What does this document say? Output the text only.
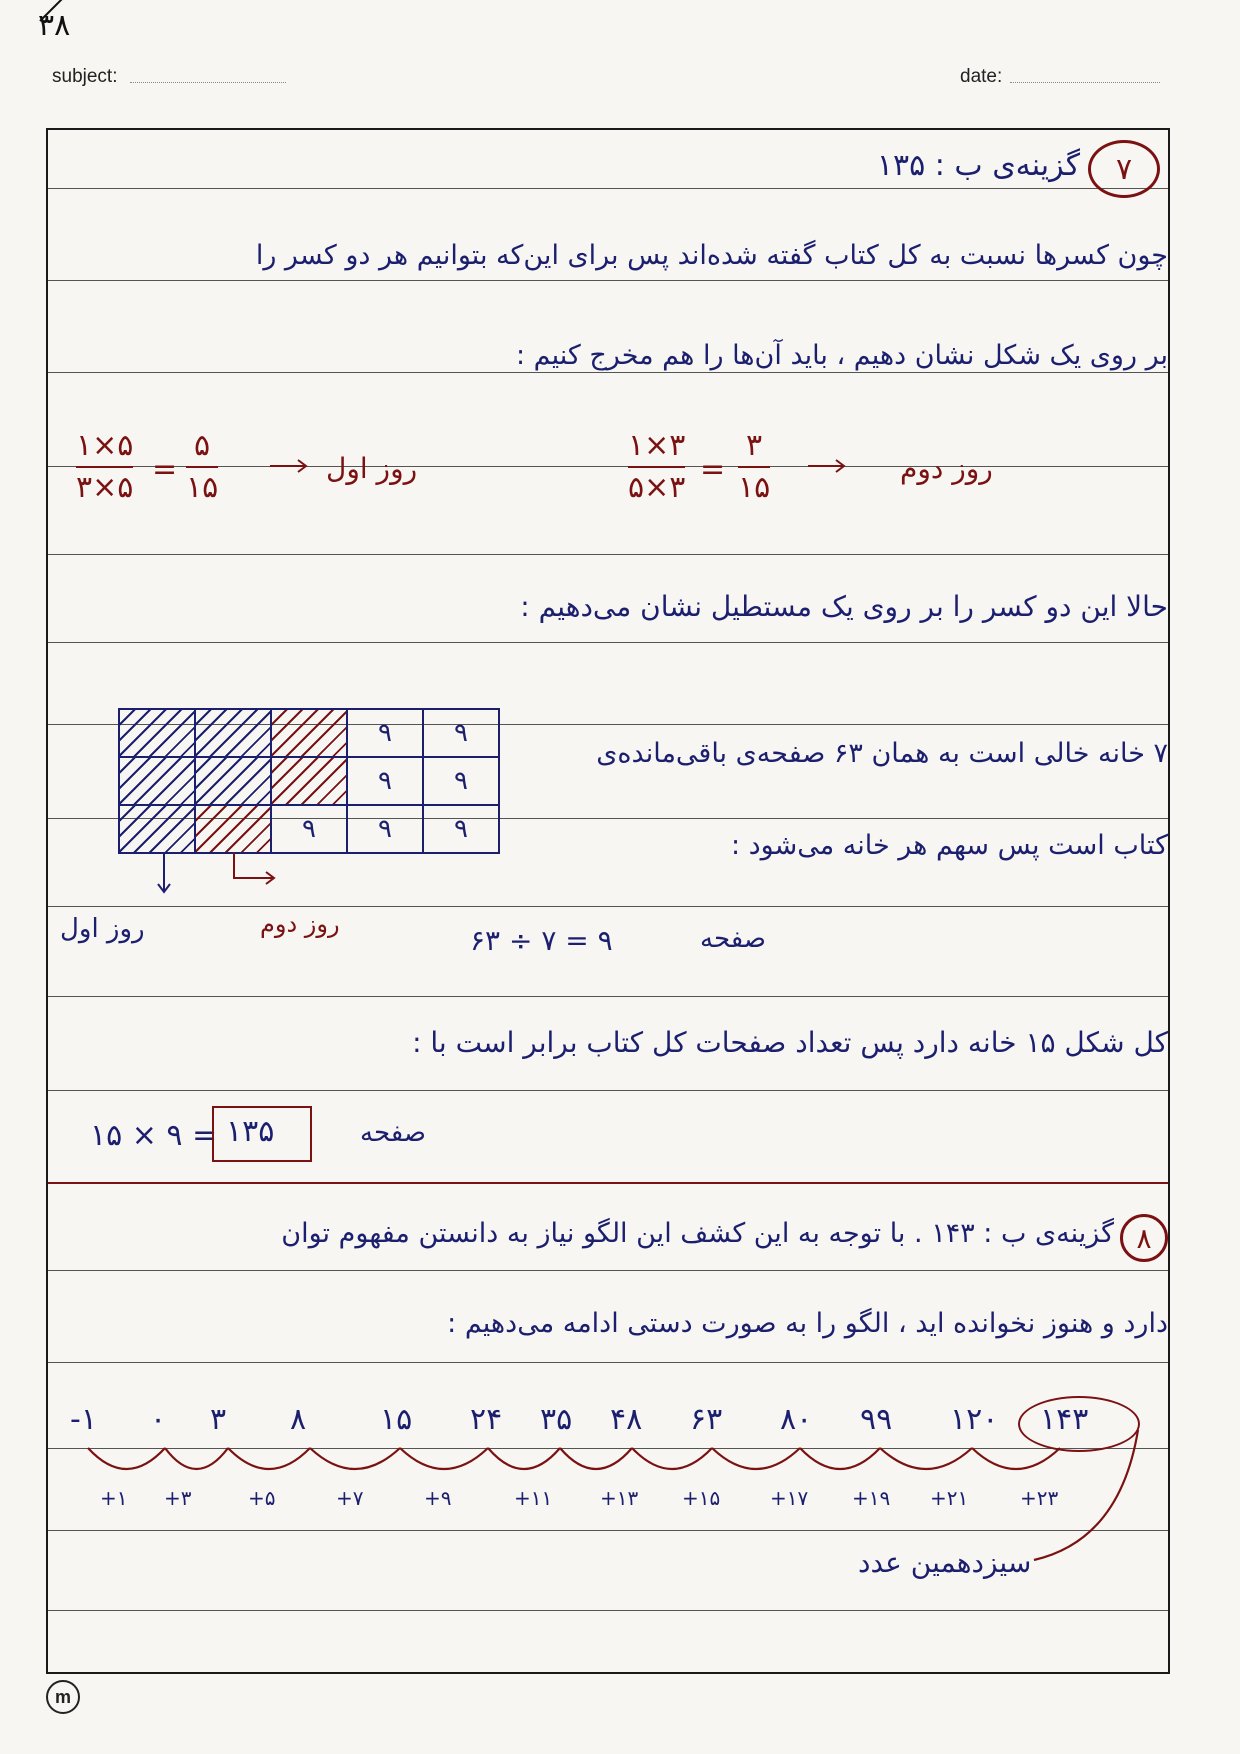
۳۸
subject:	date:
۷
گزینه‌ی ب : ۱۳۵
چون کسرها نسبت به کل کتاب گفته شده‌اند پس برای این‌که بتوانیم هر دو کسر را
بر روی یک شکل نشان دهیم ، باید آن‌ها را هم مخرج کنیم :
۱×۵
۳×۵
=
۵
۱۵
روز اول
۱×۳
۵×۳
=
۳
۱۵
روز دوم
حالا این دو کسر را بر روی یک مستطیل نشان می‌دهیم :
			۹	۹
			۹	۹
		۹	۹	۹
۷ خانه خالی است به همان ۶۳ صفحه‌ی باقی‌مانده‌ی
کتاب است پس سهم هر خانه می‌شود :
روز اول	روز دوم	۶۳ ÷ ۷ = ۹	صفحه
کل شکل ۱۵ خانه دارد پس تعداد صفحات کل کتاب برابر است با :
۱۵ × ۹ = ۱۳۵	صفحه
۸
گزینه‌ی ب : ۱۴۳ . با توجه به این کشف این الگو نیاز به دانستن مفهوم توان
دارد و هنوز نخوانده اید ، الگو را به صورت دستی ادامه می‌دهیم :
-۱ ۰ ۳ ۸ ۱۵ ۲۴ ۳۵ ۴۸ ۶۳ ۸۰ ۹۹ ۱۲۰ ۱۴۳
+۱ +۳	+۵	+۷	+۹	+۱۱ +۱۳ +۱۵ +۱۷ +۱۹ +۲۱	+۲۳
سیزدهمین عدد
m
